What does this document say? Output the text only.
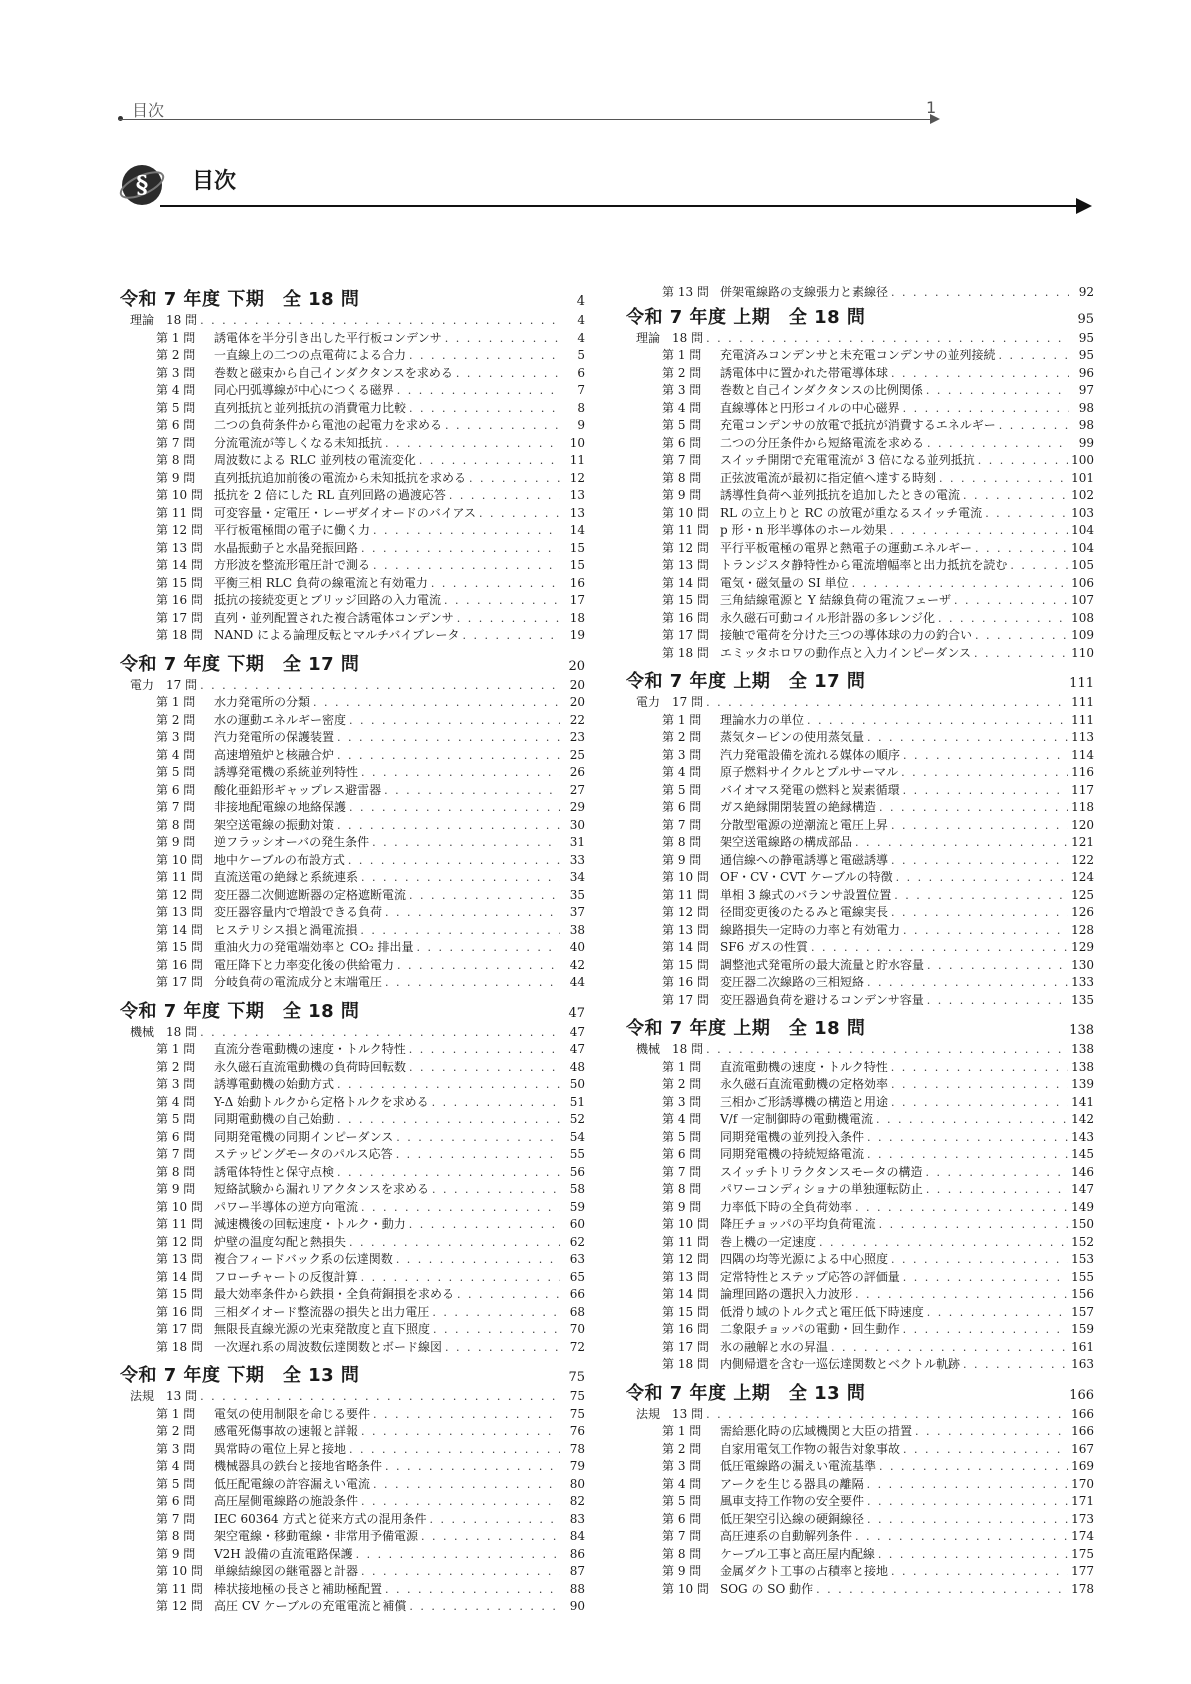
目次	1
§ 目次
令和 7 年度 下期　全 18 問	4
理論　18 問 . . .	4
第 1 問	誘電体を半分引き出した平行板コンデンサ . . .	4
第 2 問	一直線上の二つの点電荷による合力 . . .	5
第 3 問	巻数と磁束から自己インダクタンスを求める . . .	6
第 4 問	同心円弧導線が中心につくる磁界 . . .	7
第 5 問	直列抵抗と並列抵抗の消費電力比較 . . .	8
第 6 問	二つの負荷条件から電池の起電力を求める . . .	9
第 7 問	分流電流が等しくなる未知抵抗 . . .	10
第 8 問	周波数による RLC 並列枝の電流変化 . . .	11
第 9 問	直列抵抗追加前後の電流から未知抵抗を求める . . .	12
第 10 問 抵抗を 2 倍にした RL 直列回路の過渡応答 . . .	13
第 11 問 可変容量・定電圧・レーザダイオードのバイアス . . .	13
第 12 問 平行板電極間の電子に働く力 . . .	14
第 13 問 水晶振動子と水晶発振回路 . . .	15
第 14 問 方形波を整流形電圧計で測る . . .	15
第 15 問 平衡三相 RLC 負荷の線電流と有効電力 . . .	16
第 16 問 抵抗の接続変更とブリッジ回路の入力電流 . . .	17
第 17 問 直列・並列配置された複合誘電体コンデンサ . . .	18
第 18 問 NAND による論理反転とマルチバイブレータ . . .	19
令和 7 年度 下期　全 17 問	20
電力　17 問 . . .	20
第 1 問	水力発電所の分類 . . .	20
第 2 問	水の運動エネルギー密度 . . .	22
第 3 問	汽力発電所の保護装置 . . .	23
第 4 問	高速増殖炉と核融合炉 . . .	25
第 5 問	誘導発電機の系統並列特性 . . .	26
第 6 問	酸化亜鉛形ギャップレス避雷器 . . .	27
第 7 問	非接地配電線の地絡保護 . . .	29
第 8 問	架空送電線の振動対策 . . .	30
第 9 問	逆フラッシオーバの発生条件 . . .	31
第 10 問 地中ケーブルの布設方式 . . .	33
第 11 問 直流送電の絶縁と系統連系 . . .	34
第 12 問 変圧器二次側遮断器の定格遮断電流 . . .	35
第 13 問 変圧器容量内で増設できる負荷 . . .	37
第 14 問 ヒステリシス損と渦電流損 . . .	38
第 15 問 重油火力の発電端効率と CO₂ 排出量 . . .	40
第 16 問 電圧降下と力率変化後の供給電力 . . .	42
第 17 問 分岐負荷の電流成分と末端電圧 . . .	44
令和 7 年度 下期　全 18 問	47
機械　18 問 . . .	47
第 1 問	直流分巻電動機の速度・トルク特性 . . .	47
第 2 問	永久磁石直流電動機の負荷時回転数 . . .	48
第 3 問	誘導電動機の始動方式 . . .	50
第 4 問	Y-Δ 始動トルクから定格トルクを求める . . .	51
第 5 問	同期電動機の自己始動 . . .	52
第 6 問	同期発電機の同期インピーダンス . . .	54
第 7 問	ステッピングモータのパルス応答 . . .	55
第 8 問	誘電体特性と保守点検 . . .	56
第 9 問	短絡試験から漏れリアクタンスを求める . . .	58
第 10 問 パワー半導体の逆方向電流 . . .	59
第 11 問 減速機後の回転速度・トルク・動力 . . .	60
第 12 問 炉壁の温度勾配と熱損失 . . .	62
第 13 問 複合フィードバック系の伝達関数 . . .	63
第 14 問 フローチャートの反復計算 . . .	65
第 15 問 最大効率条件から鉄損・全負荷銅損を求める . . .	66
第 16 問 三相ダイオード整流器の損失と出力電圧 . . .	68
第 17 問 無限長直線光源の光束発散度と直下照度 . . .	70
第 18 問 一次遅れ系の周波数伝達関数とボード線図 . . .	72
令和 7 年度 下期　全 13 問	75
法規　13 問 . . .	75
第 1 問	電気の使用制限を命じる要件 . . .	75
第 2 問	感電死傷事故の速報と詳報 . . .	76
第 3 問	異常時の電位上昇と接地 . . .	78
第 4 問	機械器具の鉄台と接地省略条件 . . .	79
第 5 問	低圧配電線の許容漏えい電流 . . .	80
第 6 問	高圧屋側電線路の施設条件 . . .	82
第 7 問	IEC 60364 方式と従来方式の混用条件 . . .	83
第 8 問	架空電線・移動電線・非常用予備電源 . . .	84
第 9 問	V2H 設備の直流電路保護 . . .	86
第 10 問 単線結線図の継電器と計器 . . .	87
第 11 問 棒状接地極の長さと補助極配置 . . .	88
第 12 問 高圧 CV ケーブルの充電電流と補償 . . .	90
第 13 問 併架電線路の支線張力と素線径 . . .	92
令和 7 年度 上期　全 18 問	95
理論　18 問 . . .	95
第 1 問	充電済みコンデンサと未充電コンデンサの並列接続 . . .	95
第 2 問	誘電体中に置かれた帯電導体球 . . .	96
第 3 問	巻数と自己インダクタンスの比例関係 . . .	97
第 4 問	直線導体と円形コイルの中心磁界 . . .	98
第 5 問	充電コンデンサの放電で抵抗が消費するエネルギー . . .	98
第 6 問	二つの分圧条件から短絡電流を求める . . .	99
第 7 問	スイッチ開閉で充電電流が 3 倍になる並列抵抗 . . .	100
第 8 問	正弦波電流が最初に指定値へ達する時刻 . . .	101
第 9 問	誘導性負荷へ並列抵抗を追加したときの電流 . . .	102
第 10 問 RL の立上りと RC の放電が重なるスイッチ電流 . . .	103
第 11 問 p 形・n 形半導体のホール効果 . . .	104
第 12 問 平行平板電極の電界と熱電子の運動エネルギー . . .	104
第 13 問 トランジスタ静特性から電流増幅率と出力抵抗を読む . . .	105
第 14 問 電気・磁気量の SI 単位 . . .	106
第 15 問 三角結線電源と Y 結線負荷の電流フェーザ . . .	107
第 16 問 永久磁石可動コイル形計器の多レンジ化 . . .	108
第 17 問 接触で電荷を分けた三つの導体球の力の釣合い . . .	109
第 18 問 エミッタホロワの動作点と入力インピーダンス . . .	110
令和 7 年度 上期　全 17 問	111
電力　17 問 . . .	111
第 1 問	理論水力の単位 . . .	111
第 2 問	蒸気タービンの使用蒸気量 . . .	113
第 3 問	汽力発電設備を流れる媒体の順序 . . .	114
第 4 問	原子燃料サイクルとプルサーマル . . .	116
第 5 問	バイオマス発電の燃料と炭素循環 . . .	117
第 6 問	ガス絶縁開閉装置の絶縁構造 . . .	118
第 7 問	分散型電源の逆潮流と電圧上昇 . . .	120
第 8 問	架空送電線路の構成部品 . . .	121
第 9 問	通信線への静電誘導と電磁誘導 . . .	122
第 10 問 OF・CV・CVT ケーブルの特徴 . . .	124
第 11 問 単相 3 線式のバランサ設置位置 . . .	125
第 12 問 径間変更後のたるみと電線実長 . . .	126
第 13 問 線路損失一定時の力率と有効電力 . . .	128
第 14 問 SF6 ガスの性質 . . .	129
第 15 問 調整池式発電所の最大流量と貯水容量 . . .	130
第 16 問 変圧器二次線路の三相短絡 . . .	133
第 17 問 変圧器過負荷を避けるコンデンサ容量 . . .	135
令和 7 年度 上期　全 18 問	138
機械　18 問 . . .	138
第 1 問	直流電動機の速度・トルク特性 . . .	138
第 2 問	永久磁石直流電動機の定格効率 . . .	139
第 3 問	三相かご形誘導機の構造と用途 . . .	141
第 4 問	V/f 一定制御時の電動機電流 . . .	142
第 5 問	同期発電機の並列投入条件 . . .	143
第 6 問	同期発電機の持続短絡電流 . . .	145
第 7 問	スイッチトリラクタンスモータの構造 . . .	146
第 8 問	パワーコンディショナの単独運転防止 . . .	147
第 9 問	力率低下時の全負荷効率 . . .	149
第 10 問 降圧チョッパの平均負荷電流 . . .	150
第 11 問 巻上機の一定速度 . . .	152
第 12 問 四隅の均等光源による中心照度 . . .	153
第 13 問 定常特性とステップ応答の評価量 . . .	155
第 14 問 論理回路の選択入力波形 . . .	156
第 15 問 低滑り域のトルク式と電圧低下時速度 . . .	157
第 16 問 二象限チョッパの電動・回生動作 . . .	159
第 17 問 氷の融解と水の昇温 . . .	161
第 18 問 内側帰還を含む一巡伝達関数とベクトル軌跡 . . .	163
令和 7 年度 上期　全 13 問	166
法規　13 問 . . .	166
第 1 問	需給悪化時の広域機関と大臣の措置 . . .	166
第 2 問	自家用電気工作物の報告対象事故 . . .	167
第 3 問	低圧電線路の漏えい電流基準 . . .	169
第 4 問	アークを生じる器具の離隔 . . .	170
第 5 問	風車支持工作物の安全要件 . . .	171
第 6 問	低圧架空引込線の硬銅線径 . . .	173
第 7 問	高圧連系の自動解列条件 . . .	174
第 8 問	ケーブル工事と高圧屋内配線 . . .	175
第 9 問	金属ダクト工事の占積率と接地 . . .	177
第 10 問 SOG の SO 動作 . . .	178
